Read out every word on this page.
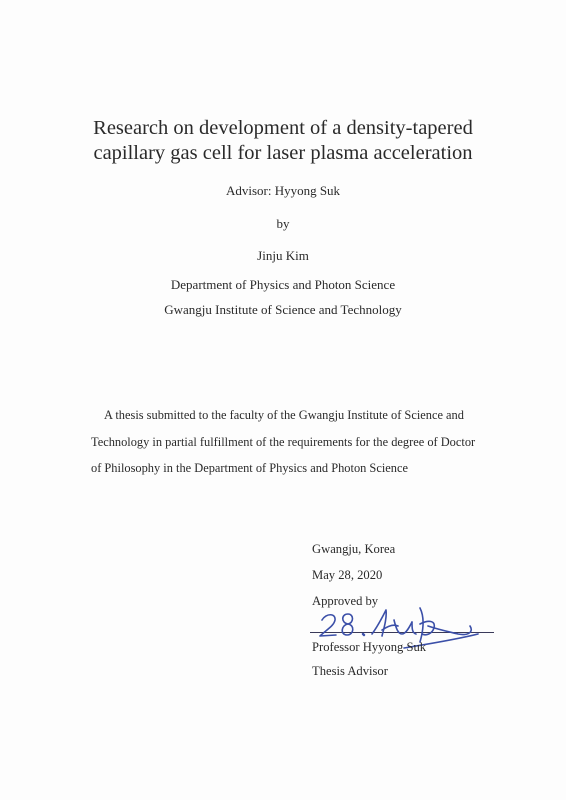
Research on development of a density-tapered
capillary gas cell for laser plasma acceleration
Advisor: Hyyong Suk
by
Jinju Kim
Department of Physics and Photon Science
Gwangju Institute of Science and Technology
A thesis submitted to the faculty of the Gwangju Institute of Science and
Technology in partial fulfillment of the requirements for the degree of Doctor
of Philosophy in the Department of Physics and Photon Science
Gwangju, Korea
May 28, 2020
Approved by
Professor Hyyong Suk
Thesis Advisor
